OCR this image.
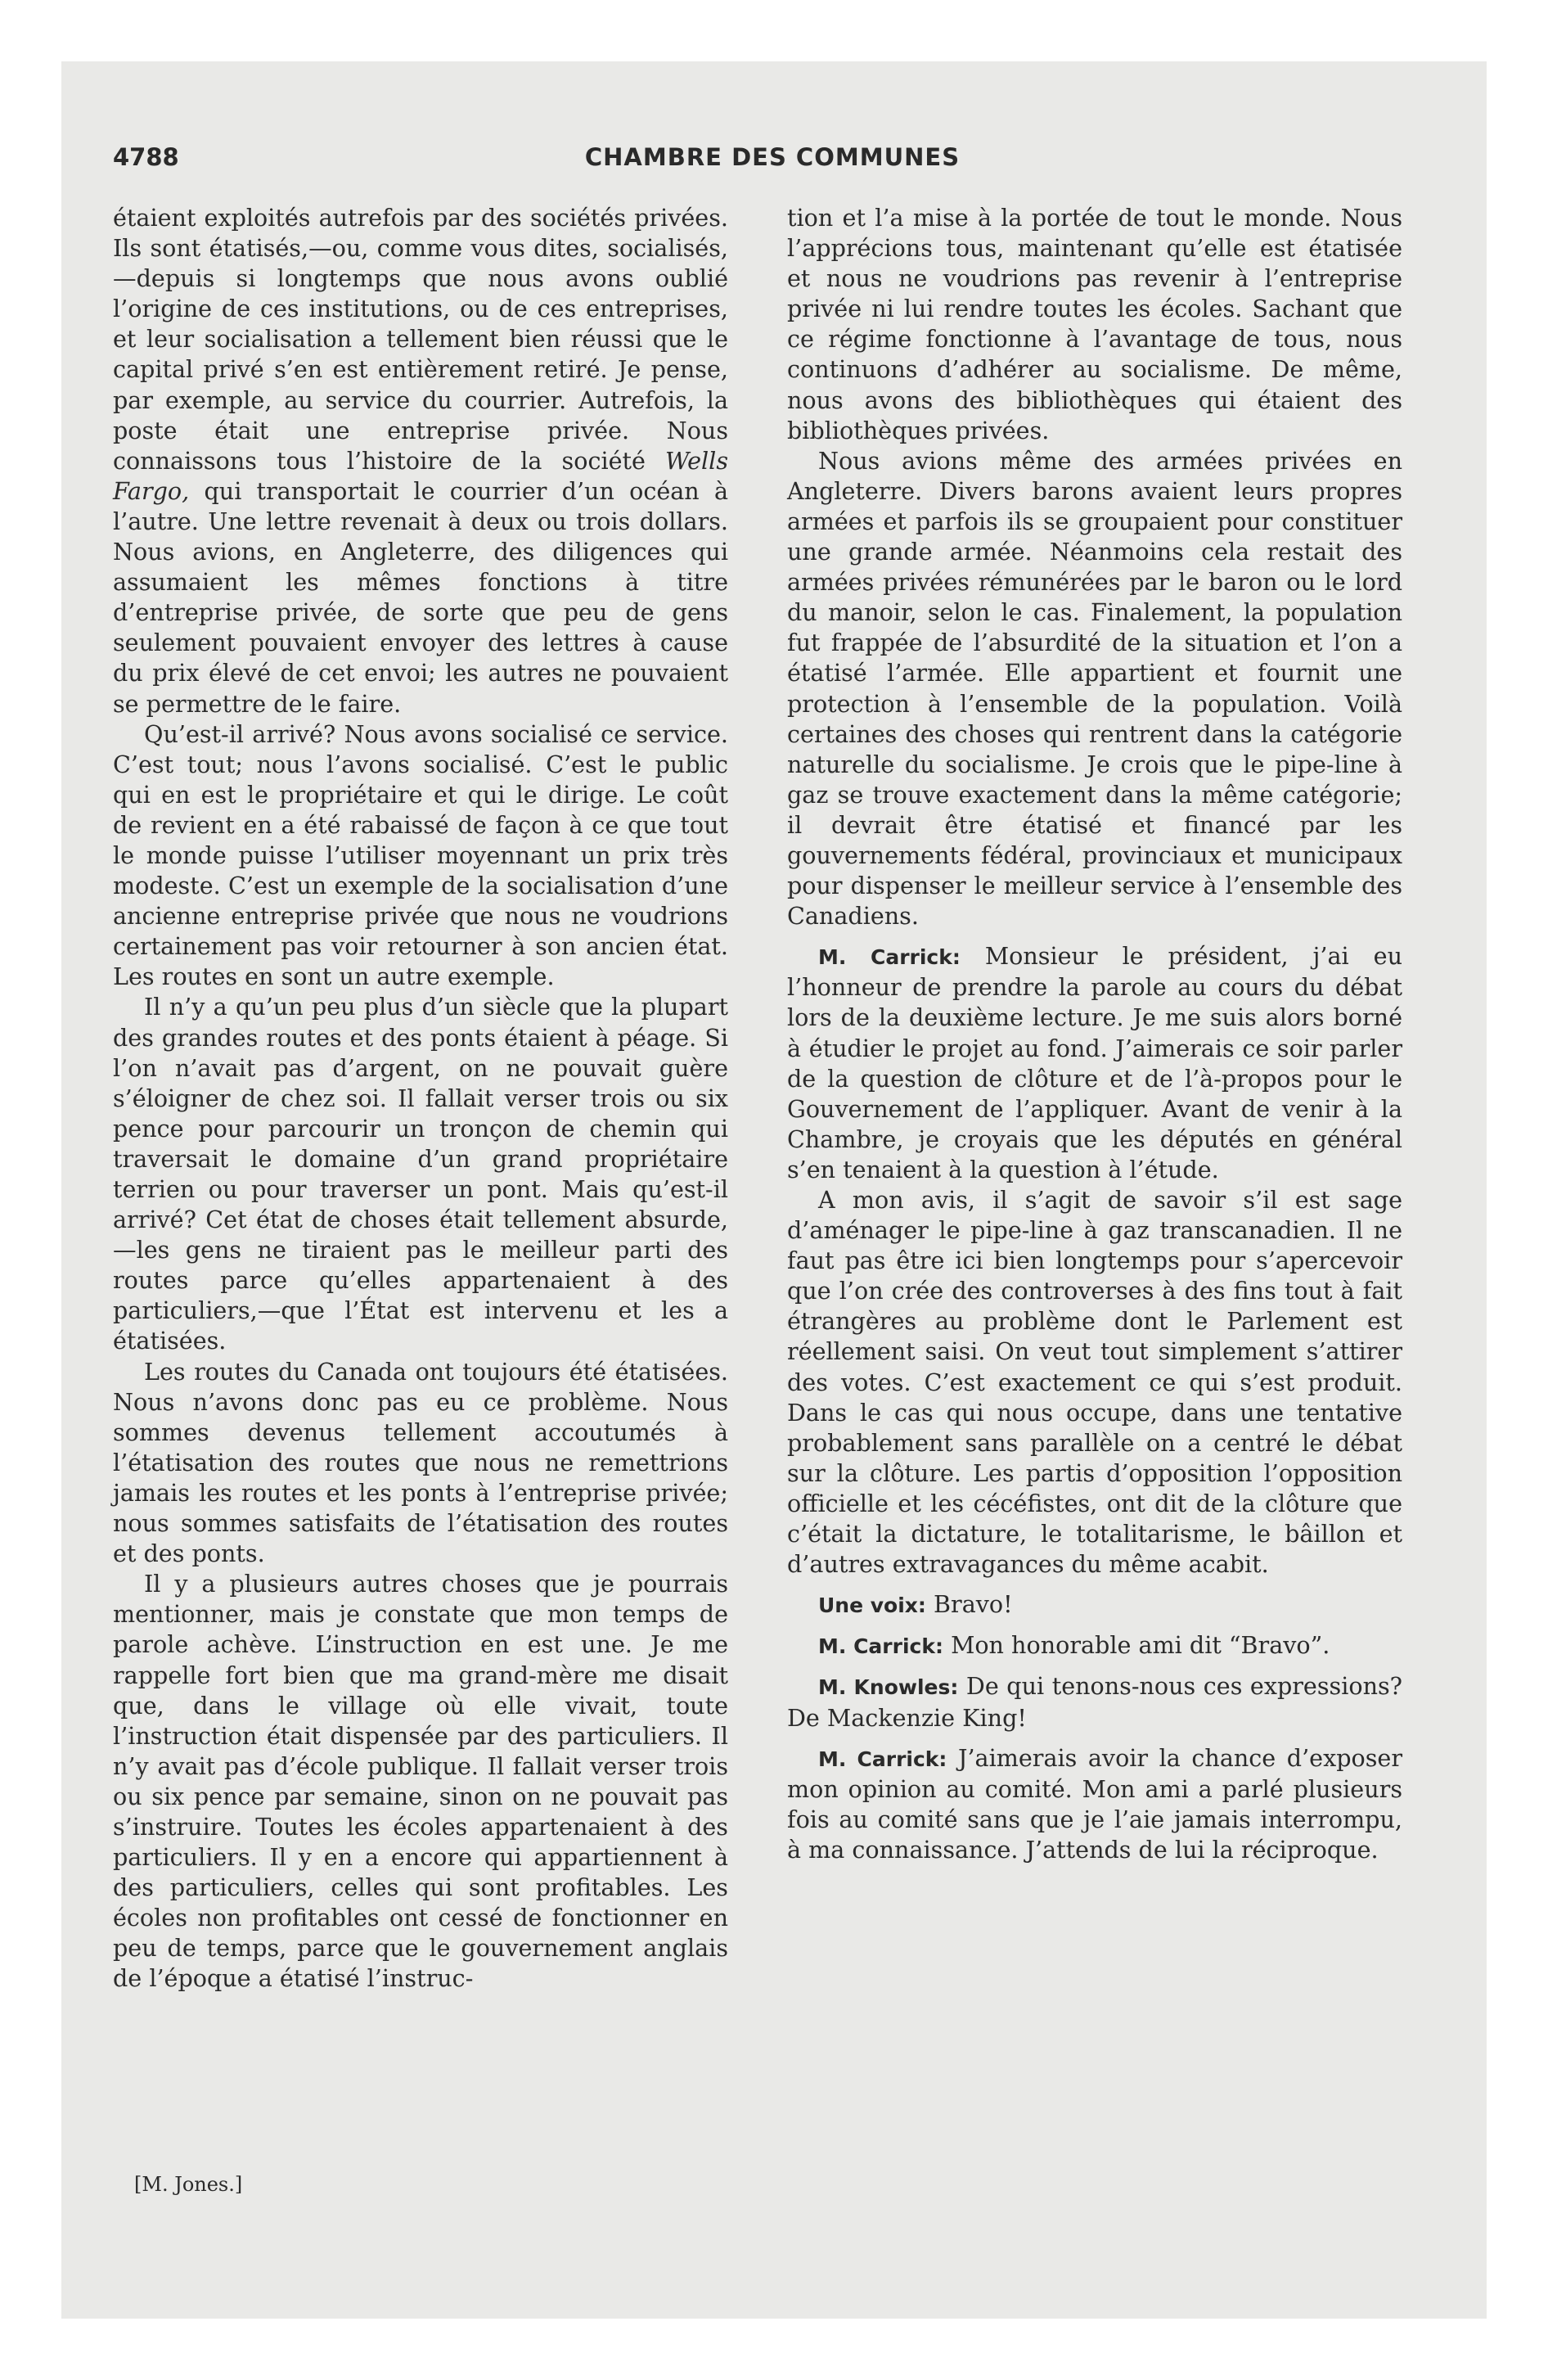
4788	CHAMBRE DES COMMUNES

étaient exploités autrefois par des sociétés privées. Ils sont étatisés,—ou, comme vous dites, socialisés,—depuis si longtemps que nous avons oublié l’origine de ces institutions, ou de ces entreprises, et leur socialisation a tellement bien réussi que le capital privé s’en est entièrement retiré. Je pense, par exemple, au service du courrier. Autrefois, la poste était une entreprise privée. Nous connaissons tous l’histoire de la société Wells Fargo, qui transportait le courrier d’un océan à l’autre. Une lettre revenait à deux ou trois dollars. Nous avions, en Angleterre, des diligences qui assumaient les mêmes fonctions à titre d’entreprise privée, de sorte que peu de gens seulement pouvaient envoyer des lettres à cause du prix élevé de cet envoi; les autres ne pouvaient se permettre de le faire.

Qu’est-il arrivé? Nous avons socialisé ce service. C’est tout; nous l’avons socialisé. C’est le public qui en est le propriétaire et qui le dirige. Le coût de revient en a été rabaissé de façon à ce que tout le monde puisse l’utiliser moyennant un prix très modeste. C’est un exemple de la socialisation d’une ancienne entreprise privée que nous ne voudrions certainement pas voir retourner à son ancien état. Les routes en sont un autre exemple.

Il n’y a qu’un peu plus d’un siècle que la plupart des grandes routes et des ponts étaient à péage. Si l’on n’avait pas d’argent, on ne pouvait guère s’éloigner de chez soi. Il fallait verser trois ou six pence pour parcourir un tronçon de chemin qui traversait le domaine d’un grand propriétaire terrien ou pour traverser un pont. Mais qu’est-il arrivé? Cet état de choses était tellement absurde,—les gens ne tiraient pas le meilleur parti des routes parce qu’elles appartenaient à des particuliers,—que l’État est intervenu et les a étatisées.

Les routes du Canada ont toujours été étatisées. Nous n’avons donc pas eu ce problème. Nous sommes devenus tellement accoutumés à l’étatisation des routes que nous ne remettrions jamais les routes et les ponts à l’entreprise privée; nous sommes satisfaits de l’étatisation des routes et des ponts.

Il y a plusieurs autres choses que je pourrais mentionner, mais je constate que mon temps de parole achève. L’instruction en est une. Je me rappelle fort bien que ma grand-mère me disait que, dans le village où elle vivait, toute l’instruction était dispensée par des particuliers. Il n’y avait pas d’école publique. Il fallait verser trois ou six pence par semaine, sinon on ne pouvait pas s’instruire. Toutes les écoles appartenaient à des particuliers. Il y en a encore qui appartiennent à des particuliers, celles qui sont profitables. Les écoles non profitables ont cessé de fonctionner en peu de temps, parce que le gouvernement anglais de l’époque a étatisé l’instruc-

tion et l’a mise à la portée de tout le monde. Nous l’apprécions tous, maintenant qu’elle est étatisée et nous ne voudrions pas revenir à l’entreprise privée ni lui rendre toutes les écoles. Sachant que ce régime fonctionne à l’avantage de tous, nous continuons d’adhérer au socialisme. De même, nous avons des bibliothèques qui étaient des bibliothèques privées.

Nous avions même des armées privées en Angleterre. Divers barons avaient leurs propres armées et parfois ils se groupaient pour constituer une grande armée. Néanmoins cela restait des armées privées rémunérées par le baron ou le lord du manoir, selon le cas. Finalement, la population fut frappée de l’absurdité de la situation et l’on a étatisé l’armée. Elle appartient et fournit une protection à l’ensemble de la population. Voilà certaines des choses qui rentrent dans la catégorie naturelle du socialisme. Je crois que le pipe-line à gaz se trouve exactement dans la même catégorie; il devrait être étatisé et financé par les gouvernements fédéral, provinciaux et municipaux pour dispenser le meilleur service à l’ensemble des Canadiens.

M. Carrick: Monsieur le président, j’ai eu l’honneur de prendre la parole au cours du débat lors de la deuxième lecture. Je me suis alors borné à étudier le projet au fond. J’aimerais ce soir parler de la question de clôture et de l’à-propos pour le Gouvernement de l’appliquer. Avant de venir à la Chambre, je croyais que les députés en général s’en tenaient à la question à l’étude.

A mon avis, il s’agit de savoir s’il est sage d’aménager le pipe-line à gaz transcanadien. Il ne faut pas être ici bien longtemps pour s’apercevoir que l’on crée des controverses à des fins tout à fait étrangères au problème dont le Parlement est réellement saisi. On veut tout simplement s’attirer des votes. C’est exactement ce qui s’est produit. Dans le cas qui nous occupe, dans une tentative probablement sans parallèle on a centré le débat sur la clôture. Les partis d’opposition l’opposition officielle et les cécéfistes, ont dit de la clôture que c’était la dictature, le totalitarisme, le bâillon et d’autres extravagances du même acabit.

Une voix: Bravo!

M. Carrick: Mon honorable ami dit “Bravo”.

M. Knowles: De qui tenons-nous ces expressions? De Mackenzie King!

M. Carrick: J’aimerais avoir la chance d’exposer mon opinion au comité. Mon ami a parlé plusieurs fois au comité sans que je l’aie jamais interrompu, à ma connaissance. J’attends de lui la réciproque.

[M. Jones.]
